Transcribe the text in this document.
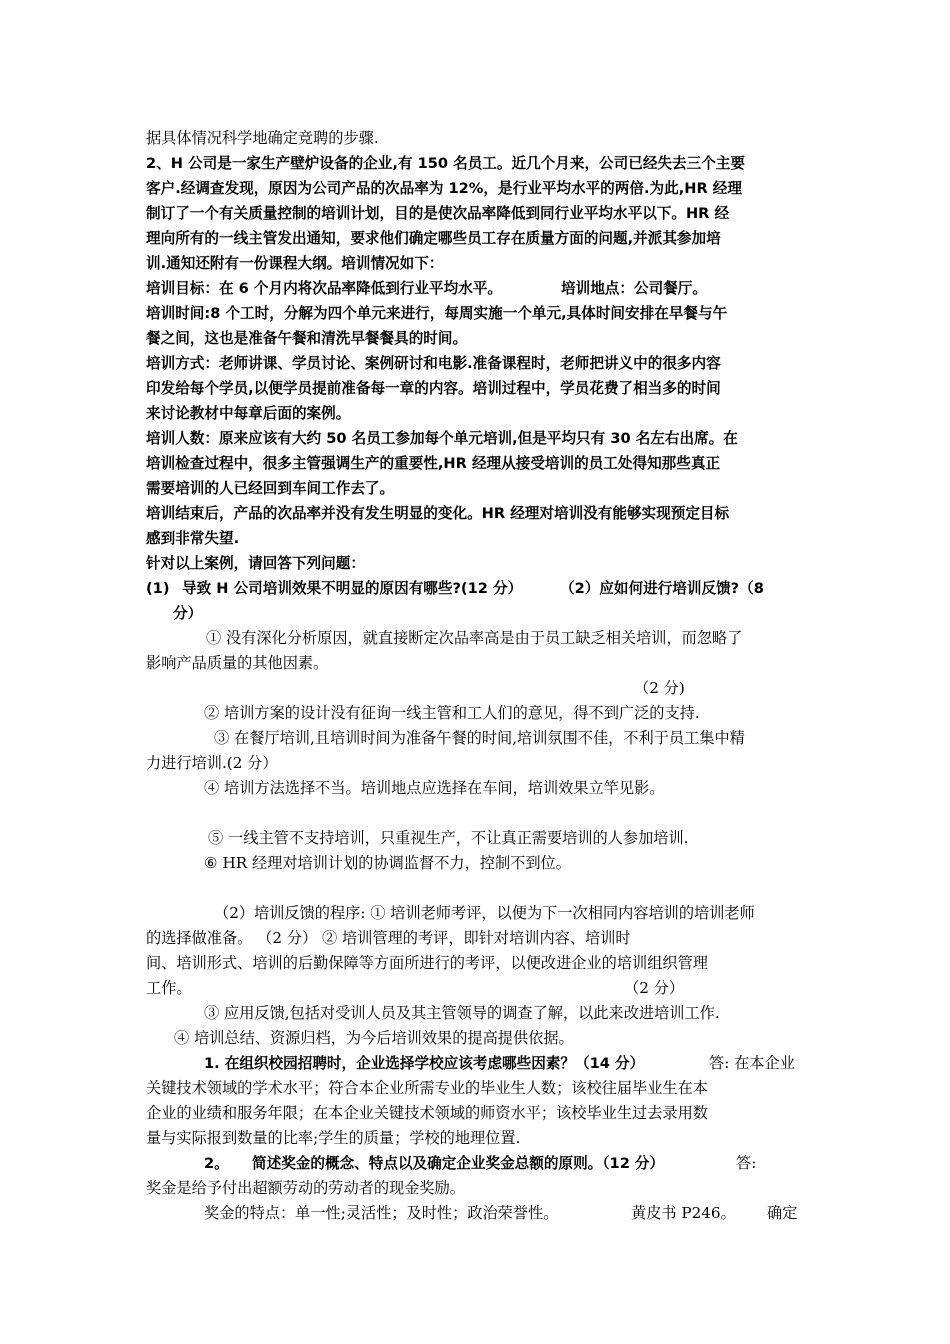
据具体情况科学地确定竞聘的步骤.
2、H 公司是一家生产壁炉设备的企业,有 150 名员工。近几个月来，公司已经失去三个主要
客户.经调查发现，原因为公司产品的次品率为 12%，是行业平均水平的两倍.为此,HR 经理
制订了一个有关质量控制的培训计划，目的是使次品率降低到同行业平均水平以下。HR 经
理向所有的一线主管发出通知，要求他们确定哪些员工存在质量方面的问题,并派其参加培
训.通知还附有一份课程大纲。培训情况如下：
培训目标：在 6 个月内将次品率降低到行业平均水平。	培训地点：公司餐厅。
培训时间:8 个工时，分解为四个单元来进行，每周实施一个单元,具体时间安排在早餐与午
餐之间，这也是准备午餐和清洗早餐餐具的时间。
培训方式：老师讲课、学员讨论、案例研讨和电影.准备课程时，老师把讲义中的很多内容
印发给每个学员,以便学员提前准备每一章的内容。培训过程中，学员花费了相当多的时间
来讨论教材中每章后面的案例。
培训人数：原来应该有大约 50 名员工参加每个单元培训,但是平均只有 30 名左右出席。在
培训检查过程中，很多主管强调生产的重要性,HR 经理从接受培训的员工处得知那些真正
需要培训的人已经回到车间工作去了。
培训结束后，产品的次品率并没有发生明显的变化。HR 经理对培训没有能够实现预定目标
感到非常失望.
针对以上案例，请回答下列问题：
(1) 导致 H 公司培训效果不明显的原因有哪些?(12 分）	（2）应如何进行培训反馈?（8
分）
① 没有深化分析原因，就直接断定次品率高是由于员工缺乏相关培训，而忽略了
影响产品质量的其他因素。
（2 分)
② 培训方案的设计没有征询一线主管和工人们的意见，得不到广泛的支持.
③ 在餐厅培训,且培训时间为准备午餐的时间,培训氛围不佳，不利于员工集中精
力进行培训.(2 分）
④ 培训方法选择不当。培训地点应选择在车间，培训效果立竿见影。
⑤ 一线主管不支持培训，只重视生产，不让真正需要培训的人参加培训.
⑥ HR 经理对培训计划的协调监督不力，控制不到位。
（2）培训反馈的程序: ① 培训老师考评，以便为下一次相同内容培训的培训老师
的选择做准备。 （2 分） ② 培训管理的考评，即针对培训内容、培训时
间、培训形式、培训的后勤保障等方面所进行的考评，以便改进企业的培训组织管理
工作。	（2 分）
③ 应用反馈,包括对受训人员及其主管领导的调查了解，以此来改进培训工作.
④ 培训总结、资源归档，为今后培训效果的提高提供依据。
1. 在组织校园招聘时，企业选择学校应该考虑哪些因素？（14 分）	答: 在本企业
关键技术领域的学术水平；符合本企业所需专业的毕业生人数；该校往届毕业生在本
企业的业绩和服务年限；在本企业关键技术领域的师资水平；该校毕业生过去录用数
量与实际报到数量的比率;学生的质量；学校的地理位置.
2。 简述奖金的概念、特点以及确定企业奖金总额的原则。（12 分）	答:
奖金是给予付出超额劳动的劳动者的现金奖励。
奖金的特点：单一性;灵活性；及时性；政治荣誉性。	黄皮书 P246。 确定
